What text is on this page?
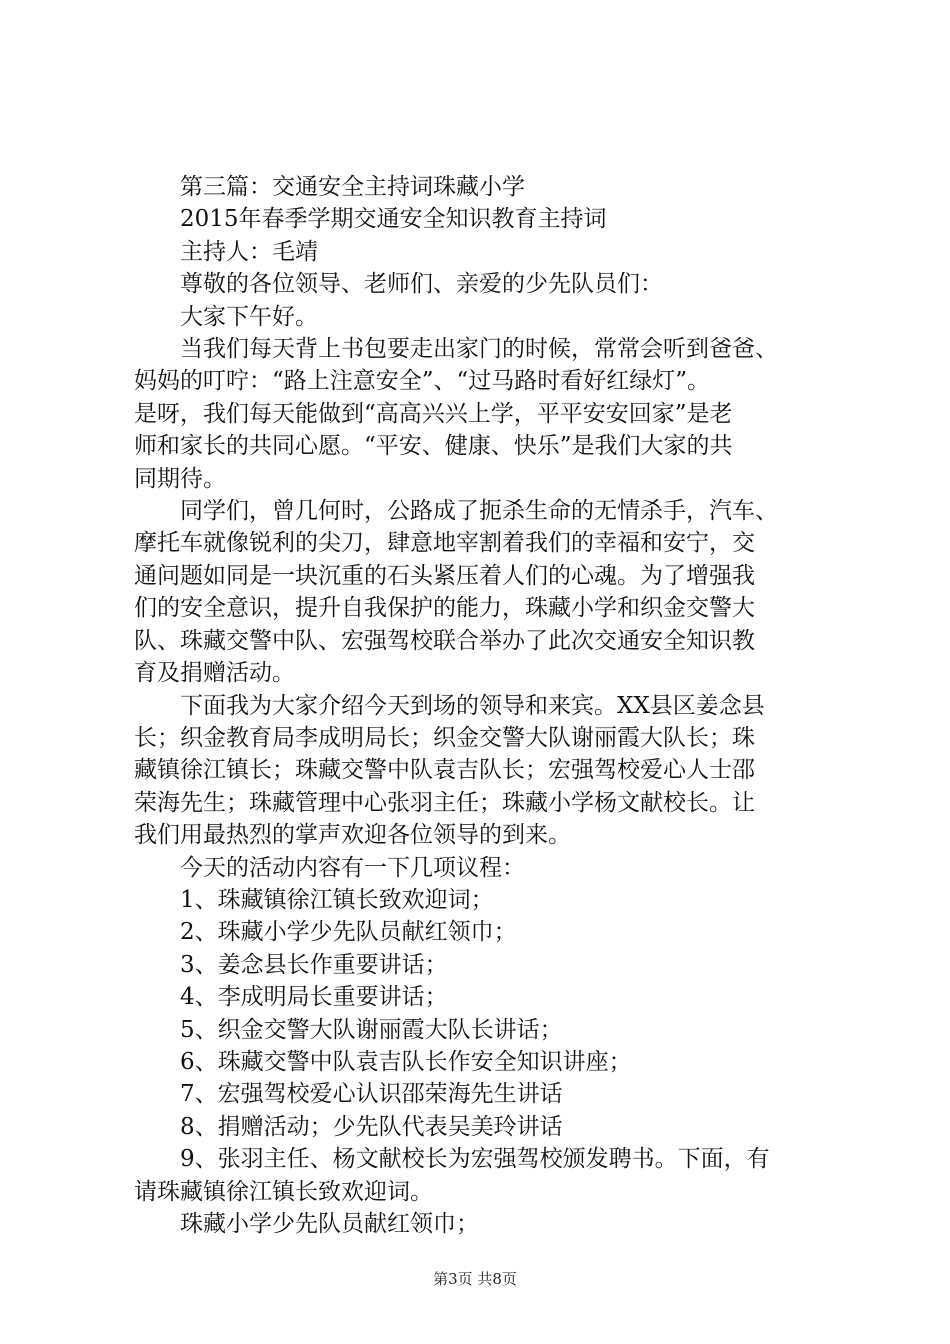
第三篇：交通安全主持词珠藏小学
2015年春季学期交通安全知识教育主持词
主持人：毛靖
尊敬的各位领导、老师们、亲爱的少先队员们：
大家下午好。
当我们每天背上书包要走出家门的时候，常常会听到爸爸、
妈妈的叮咛：“路上注意安全”、“过马路时看好红绿灯”。
是呀，我们每天能做到“高高兴兴上学，平平安安回家”是老
师和家长的共同心愿。“平安、健康、快乐”是我们大家的共
同期待。
同学们，曾几何时，公路成了扼杀生命的无情杀手，汽车、
摩托车就像锐利的尖刀，肆意地宰割着我们的幸福和安宁，交
通问题如同是一块沉重的石头紧压着人们的心魂。为了增强我
们的安全意识，提升自我保护的能力，珠藏小学和织金交警大
队、珠藏交警中队、宏强驾校联合举办了此次交通安全知识教
育及捐赠活动。
下面我为大家介绍今天到场的领导和来宾。XX县区姜念县
长；织金教育局李成明局长；织金交警大队谢丽霞大队长；珠
藏镇徐江镇长；珠藏交警中队袁吉队长；宏强驾校爱心人士邵
荣海先生；珠藏管理中心张羽主任；珠藏小学杨文献校长。让
我们用最热烈的掌声欢迎各位领导的到来。
今天的活动内容有一下几项议程：
1、珠藏镇徐江镇长致欢迎词；
2、珠藏小学少先队员献红领巾；
3、姜念县长作重要讲话；
4、李成明局长重要讲话；
5、织金交警大队谢丽霞大队长讲话；
6、珠藏交警中队袁吉队长作安全知识讲座；
7、宏强驾校爱心认识邵荣海先生讲话
8、捐赠活动；少先队代表吴美玲讲话
9、张羽主任、杨文献校长为宏强驾校颁发聘书。下面，有
请珠藏镇徐江镇长致欢迎词。
珠藏小学少先队员献红领巾；
第3页 共8页
